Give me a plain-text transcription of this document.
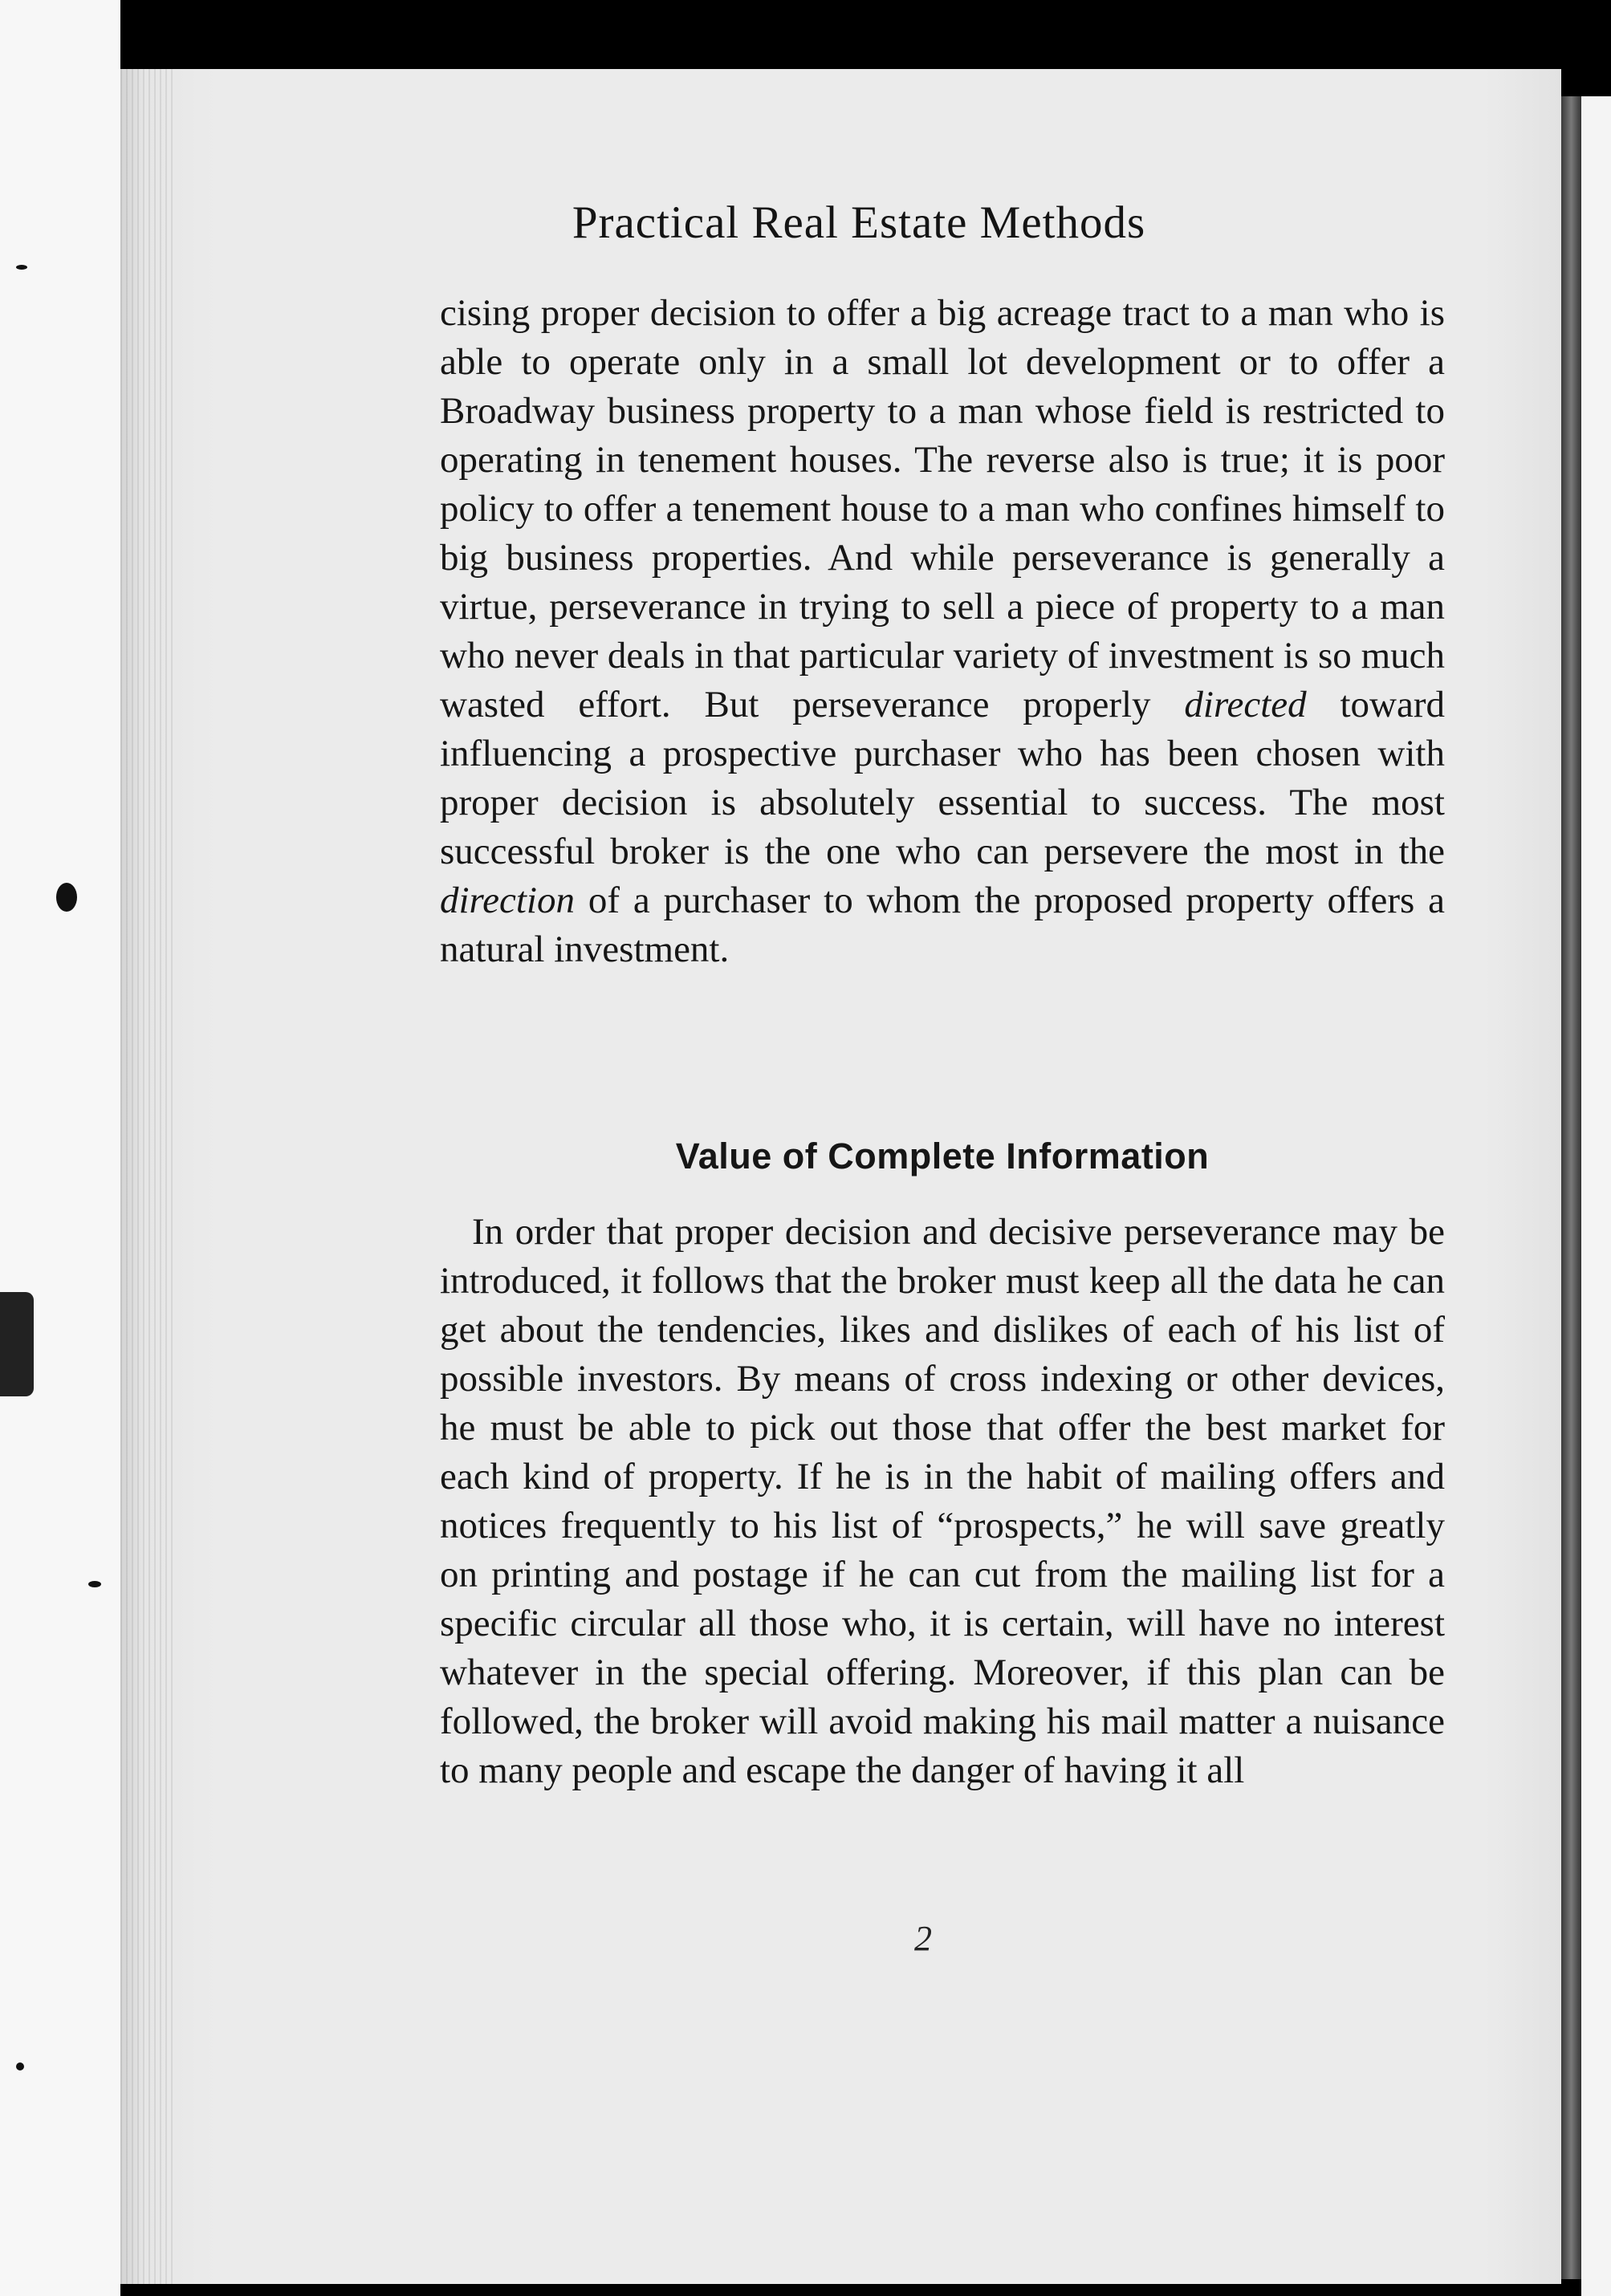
Practical Real Estate Methods

cising proper decision to offer a big acreage tract to a man who is able to operate only in a small lot development or to offer a Broadway business property to a man whose field is restricted to operating in tenement houses. The reverse also is true; it is poor policy to offer a tenement house to a man who confines himself to big business properties. And while perseverance is generally a virtue, perseverance in trying to sell a piece of property to a man who never deals in that particular variety of investment is so much wasted effort. But perseverance properly directed toward influencing a prospective purchaser who has been chosen with proper decision is absolutely essential to success. The most successful broker is the one who can persevere the most in the direction of a purchaser to whom the proposed property offers a natural investment.

Value of Complete Information

In order that proper decision and decisive perseverance may be introduced, it follows that the broker must keep all the data he can get about the tendencies, likes and dislikes of each of his list of possible investors. By means of cross indexing or other devices, he must be able to pick out those that offer the best market for each kind of property. If he is in the habit of mailing offers and notices frequently to his list of “prospects,” he will save greatly on printing and postage if he can cut from the mailing list for a specific circular all those who, it is certain, will have no interest whatever in the special offering. Moreover, if this plan can be followed, the broker will avoid making his mail matter a nuisance to many people and escape the danger of having it all

2
